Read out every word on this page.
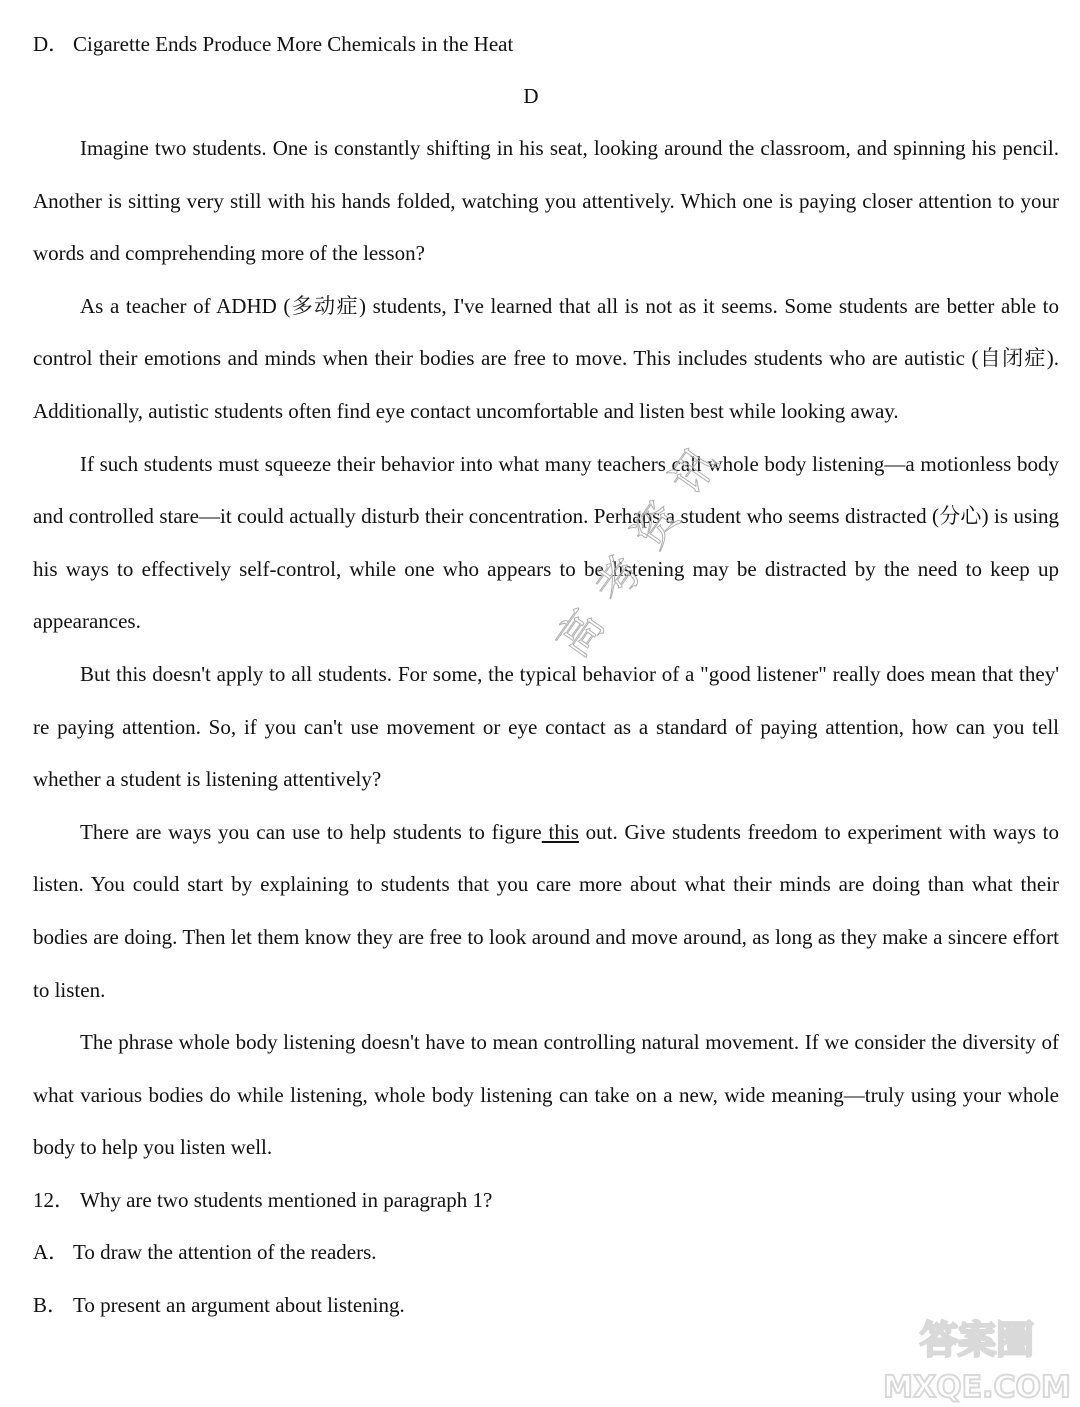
D． Cigarette Ends Produce More Chemicals in the Heat

D

Imagine two students. One is constantly shifting in his seat, looking around the classroom, and spinning his pencil. Another is sitting very still with his hands folded, watching you attentively. Which one is paying closer attention to your words and comprehending more of the lesson?

As a teacher of ADHD (多动症) students, I've learned that all is not as it seems. Some students are better able to control their emotions and minds when their bodies are free to move. This includes students who are autistic (自闭症). Additionally, autistic students often find eye contact uncomfortable and listen best while looking away.

If such students must squeeze their behavior into what many teachers call whole body listening—a motionless body and controlled stare—it could actually disturb their concentration. Perhaps a student who seems distracted (分心) is using his ways to effectively self-control, while one who appears to be listening may be distracted by the need to keep up appearances.

But this doesn't apply to all students. For some, the typical behavior of a "good listener" really does mean that they' re paying attention. So, if you can't use movement or eye contact as a standard of paying attention, how can you tell whether a student is listening attentively?

There are ways you can use to help students to figure this out. Give students freedom to experiment with ways to listen. You could start by explaining to students that you care more about what their minds are doing than what their bodies are doing. Then let them know they are free to look around and move around, as long as they make a sincere effort to listen.

The phrase whole body listening doesn't have to mean controlling natural movement. If we consider the diversity of what various bodies do while listening, whole body listening can take on a new, wide meaning—truly using your whole body to help you listen well.

12． Why are two students mentioned in paragraph 1?

A． To draw the attention of the readers.

B． To present an argument about listening.

高考资讯
答案圈
MXQE.COM
